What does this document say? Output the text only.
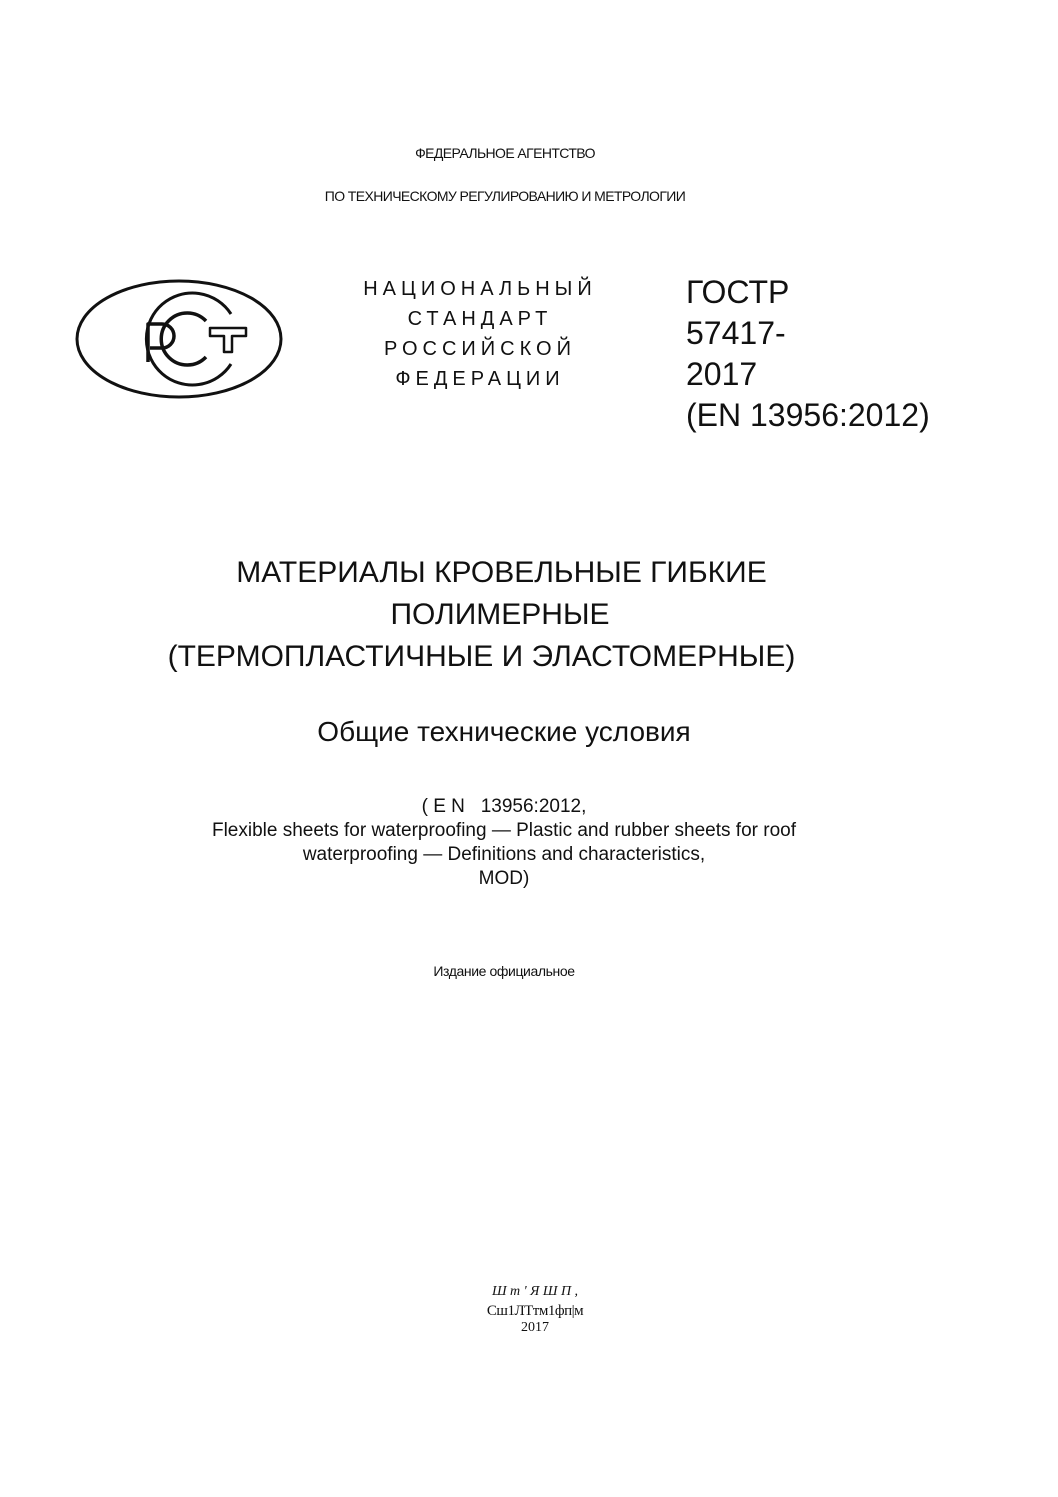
ФЕДЕРАЛЬНОЕ АГЕНТСТВО
ПО ТЕХНИЧЕСКОМУ РЕГУЛИРОВАНИЮ И МЕТРОЛОГИИ
НАЦИОНАЛЬНЫЙ
СТАНДАРТ
РОССИЙСКОЙ
ФЕДЕРАЦИИ
ГОСТР
57417-
2017
(EN 13956:2012)
МАТЕРИАЛЫ КРОВЕЛЬНЫЕ ГИБКИЕ
ПОЛИМЕРНЫЕ
(ТЕРМОПЛАСТИЧНЫЕ И ЭЛАСТОМЕРНЫЕ)
Общие технические условия
( E N   13956:2012,
Flexible sheets for waterproofing — Plastic and rubber sheets for roof
waterproofing — Definitions and characteristics,
MOD)
Издание официальное
Ш т ' Я Ш П ,
Сш1ЛТтм1фп|м
2017
